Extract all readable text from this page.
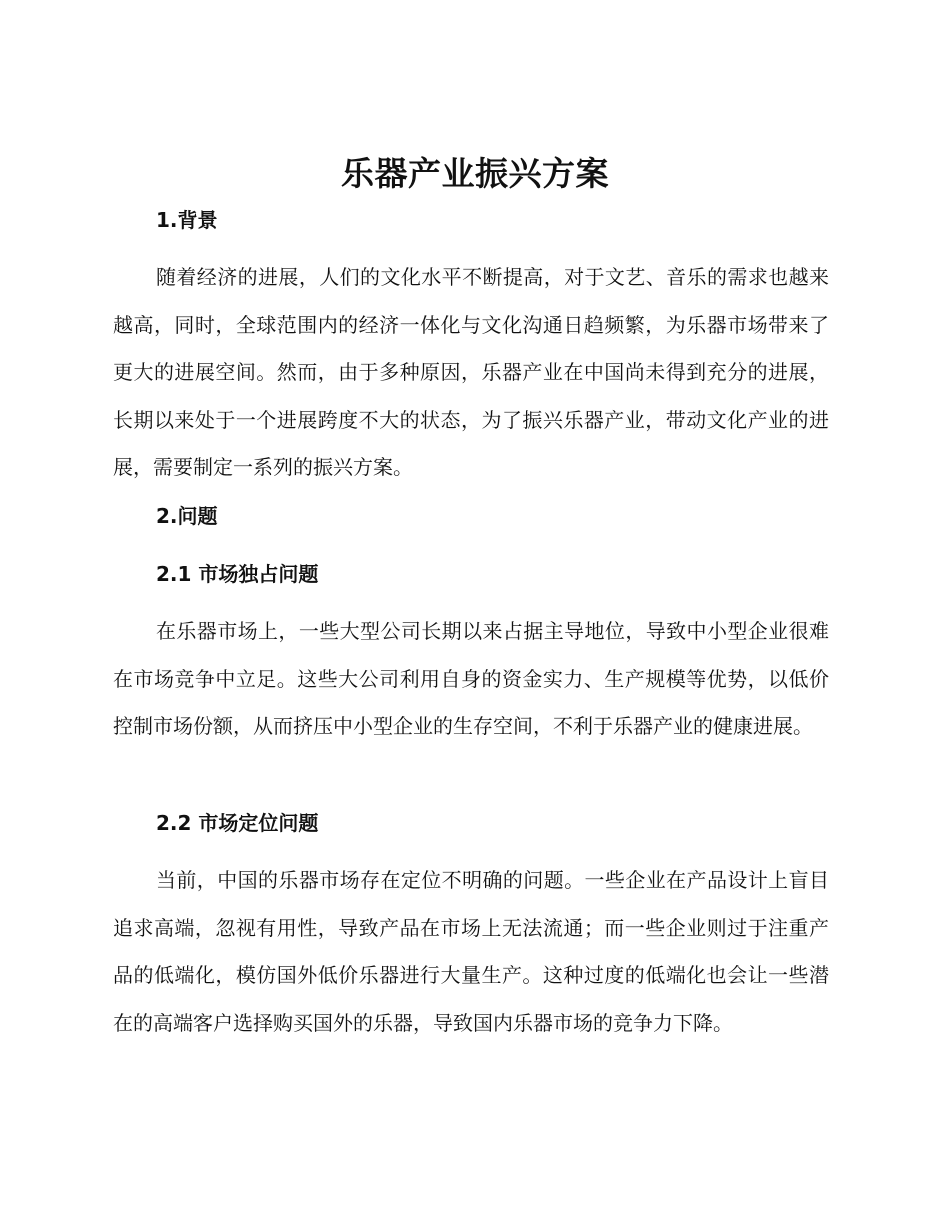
乐器产业振兴方案
1.背景

随着经济的进展，人们的文化水平不断提高，对于文艺、音乐的需求也越来越高，同时，全球范围内的经济一体化与文化沟通日趋频繁，为乐器市场带来了更大的进展空间。然而，由于多种原因，乐器产业在中国尚未得到充分的进展，长期以来处于一个进展跨度不大的状态，为了振兴乐器产业，带动文化产业的进展，需要制定一系列的振兴方案。

2.问题
2.1 市场独占问题

在乐器市场上，一些大型公司长期以来占据主导地位，导致中小型企业很难在市场竞争中立足。这些大公司利用自身的资金实力、生产规模等优势，以低价控制市场份额，从而挤压中小型企业的生存空间，不利于乐器产业的健康进展。

2.2 市场定位问题

当前，中国的乐器市场存在定位不明确的问题。一些企业在产品设计上盲目追求高端，忽视有用性，导致产品在市场上无法流通；而一些企业则过于注重产品的低端化，模仿国外低价乐器进行大量生产。这种过度的低端化也会让一些潜在的高端客户选择购买国外的乐器，导致国内乐器市场的竞争力下降。
